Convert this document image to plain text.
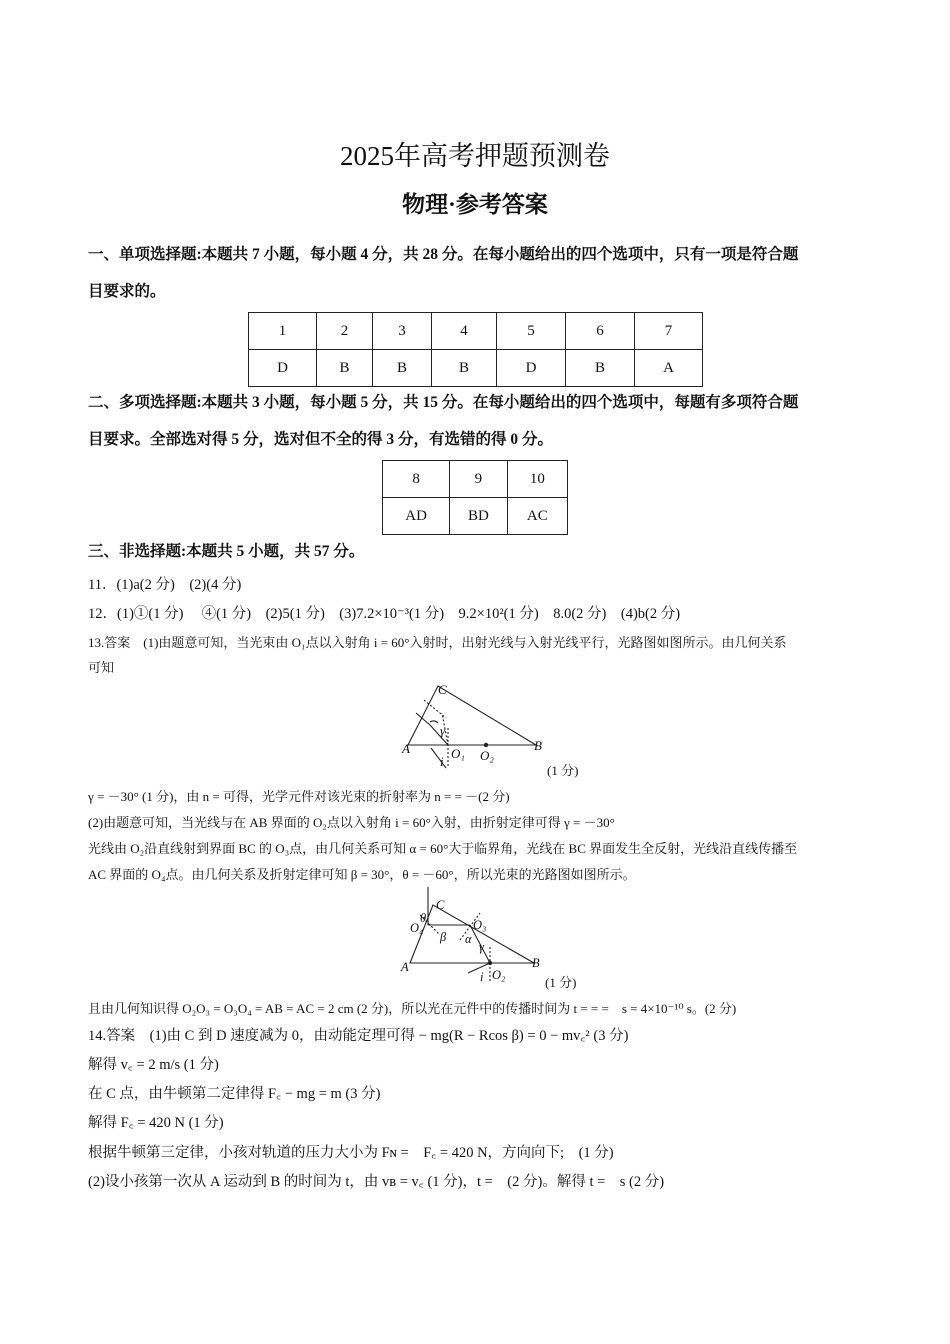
2025年高考押题预测卷
物理·参考答案
一、单项选择题:本题共 7 小题，每小题 4 分，共 28 分。在每小题给出的四个选项中，只有一项是符合题
目要求的。
1	2	3	4	5	6	7
D	B	B	B	D	B	A
二、多项选择题:本题共 3 小题，每小题 5 分，共 15 分。在每小题给出的四个选项中，每题有多项符合题
目要求。全部选对得 5 分，选对但不全的得 3 分，有选错的得 0 分。
8	9	10
AD	BD	AC
三、非选择题:本题共 5 小题，共 57 分。
11．(1)a(2 分)　(2)(4 分)
12．(1)①(1 分)　 ④(1 分)　(2)5(1 分)　(3)7.2×10⁻³(1 分)　9.2×10²(1 分)　8.0(2 分)　(4)b(2 分)
13.答案　(1)由题意可知，当光束由 O₁点以入射角 i = 60°入射时，出射光线与入射光线平行，光路图如图所示。由几何关系
可知
C
A	B
O₁ O₂
i
γ
(1 分)
γ = －30° (1 分)，由 n = 可得，光学元件对该光束的折射率为 n = = －(2 分)
(2)由题意可知，当光线与在 AB 界面的 O₂点以入射角 i = 60°入射，由折射定律可得 γ = －30°
光线由 O₂沿直线射到界面 BC 的 O₃点，由几何关系可知 α = 60°大于临界角，光线在 BC 界面发生全反射，光线沿直线传播至
AC 界面的 O₄点。由几何关系及折射定律可知 β = 30°，θ = －60°，所以光束的光路图如图所示。
C
A	B
O₄	O₃
O₂
i
γ
α
β
θ
(1 分)
且由几何知识得 O₂O₃ = O₃O₄ = AB = AC = 2 cm (2 分)，所以光在元件中的传播时间为 t = = =　s = 4×10⁻¹⁰ s。(2 分)
14.答案　(1)由 C 到 D 速度减为 0，由动能定理可得 − mg(R − Rcos β) = 0 − mv꜀² (3 分)
解得 v꜀ = 2 m/s (1 分)
在 C 点，由牛顿第二定律得 F꜀ − mg = m (3 分)
解得 F꜀ = 420 N (1 分)
根据牛顿第三定律，小孩对轨道的压力大小为 Fɴ =　F꜀ = 420 N，方向向下;　(1 分)
(2)设小孩第一次从 A 运动到 B 的时间为 t，由 vʙ = v꜀ (1 分)，t =　(2 分)。解得 t =　s (2 分)
